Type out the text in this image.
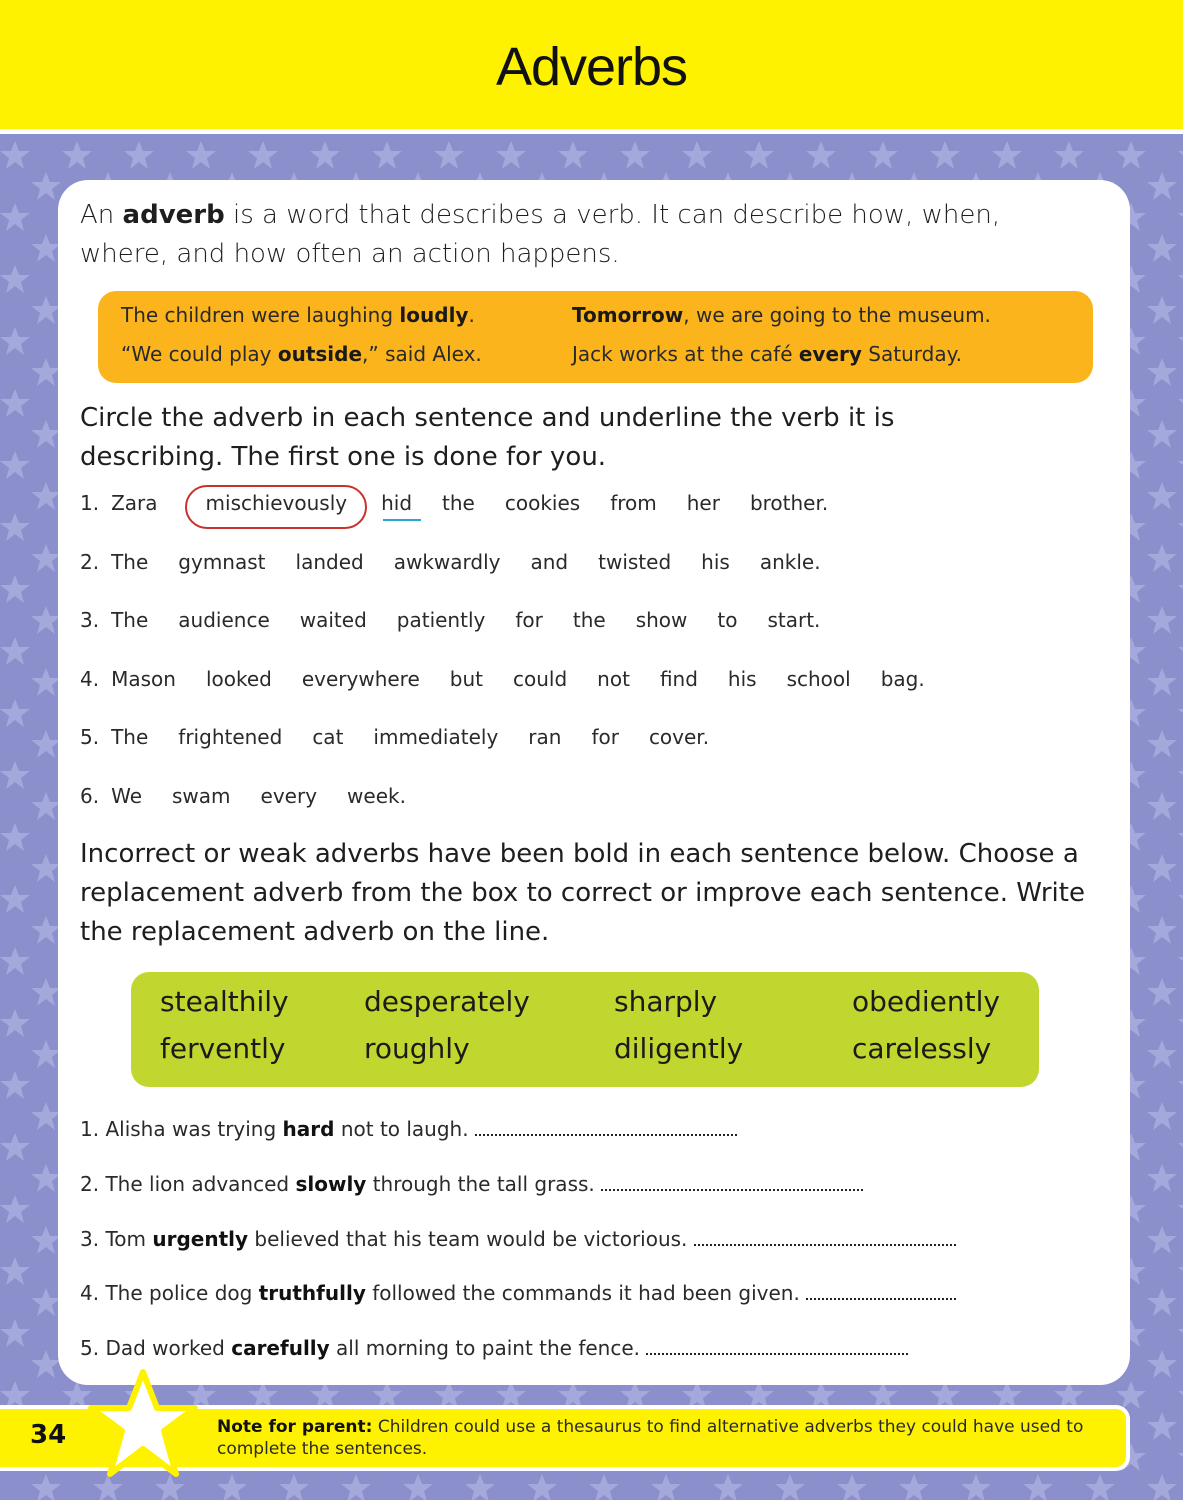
Adverbs
An adverb is a word that describes a verb. It can describe how, when, where, and how often an action happens.
The children were laughing loudly.	Tomorrow, we are going to the museum.
“We could play outside,” said Alex.	Jack works at the café every Saturday.
Circle the adverb in each sentence and underline the verb it is describing. The first one is done for you.
1. Zara mischievously hid the cookies from her brother.
2. The gymnast landed awkwardly and twisted his ankle.
3. The audience waited patiently for the show to start.
4. Mason looked everywhere but could not find his school bag.
5. The frightened cat immediately ran for cover.
6. We swam every week.
Incorrect or weak adverbs have been bold in each sentence below. Choose a replacement adverb from the box to correct or improve each sentence. Write the replacement adverb on the line.
stealthily	desperately	sharply	obediently
fervently	roughly	diligently	carelessly
1. Alisha was trying hard not to laugh.
2. The lion advanced slowly through the tall grass.
3. Tom urgently believed that his team would be victorious.
4. The police dog truthfully followed the commands it had been given.
5. Dad worked carefully all morning to paint the fence.
34	Note for parent: Children could use a thesaurus to find alternative adverbs they could have used to complete the sentences.
